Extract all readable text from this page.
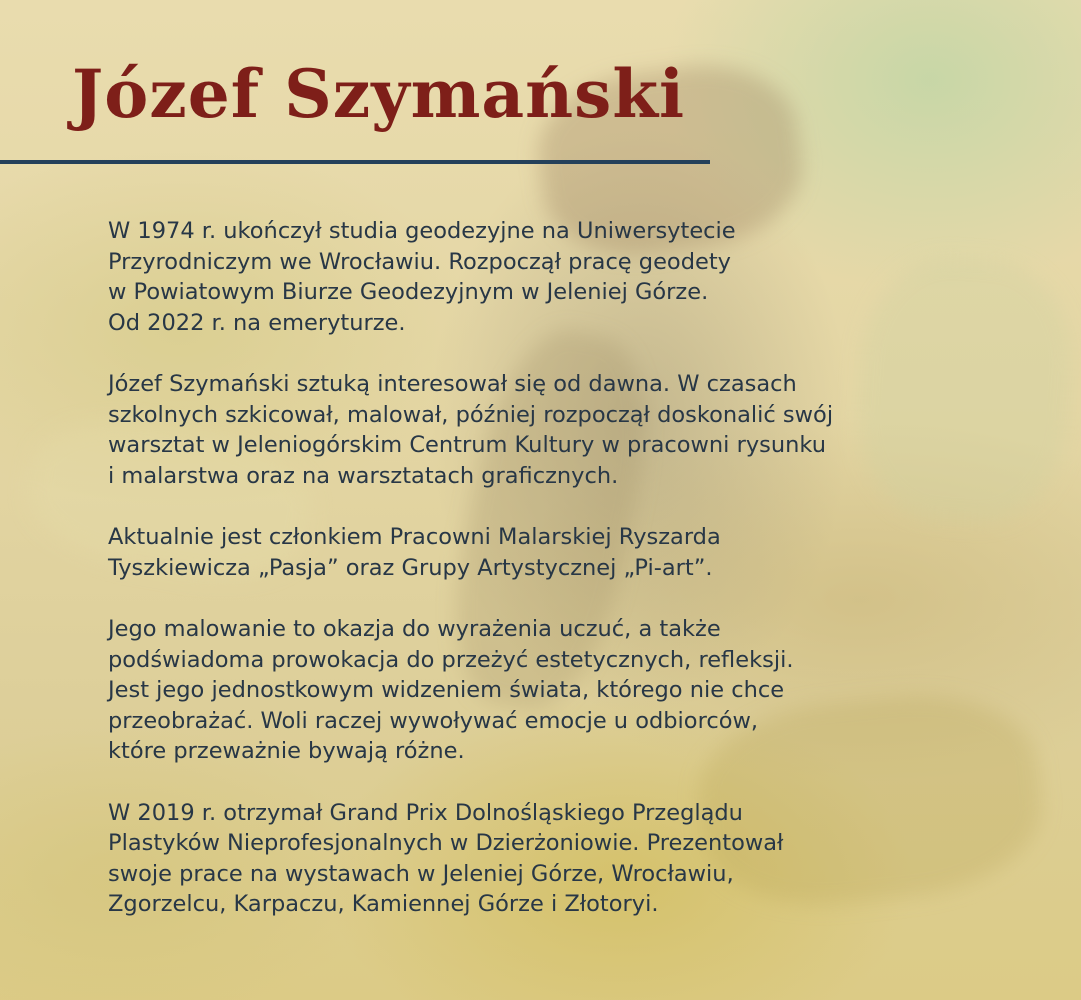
Józef Szymański

W 1974 r. ukończył studia geodezyjne na Uniwersytecie
Przyrodniczym we Wrocławiu. Rozpoczął pracę geodety
w Powiatowym Biurze Geodezyjnym w Jeleniej Górze.
Od 2022 r. na emeryturze.

Józef Szymański sztuką interesował się od dawna. W czasach
szkolnych szkicował, malował, później rozpoczął doskonalić swój
warsztat w Jeleniogórskim Centrum Kultury w pracowni rysunku
i malarstwa oraz na warsztatach graficznych.

Aktualnie jest członkiem Pracowni Malarskiej Ryszarda
Tyszkiewicza „Pasja” oraz Grupy Artystycznej „Pi-art”.

Jego malowanie to okazja do wyrażenia uczuć, a także
podświadoma prowokacja do przeżyć estetycznych, refleksji.
Jest jego jednostkowym widzeniem świata, którego nie chce
przeobrażać. Woli raczej wywoływać emocje u odbiorców,
które przeważnie bywają różne.

W 2019 r. otrzymał Grand Prix Dolnośląskiego Przeglądu
Plastyków Nieprofesjonalnych w Dzierżoniowie. Prezentował
swoje prace na wystawach w Jeleniej Górze, Wrocławiu,
Zgorzelcu, Karpaczu, Kamiennej Górze i Złotoryi.
